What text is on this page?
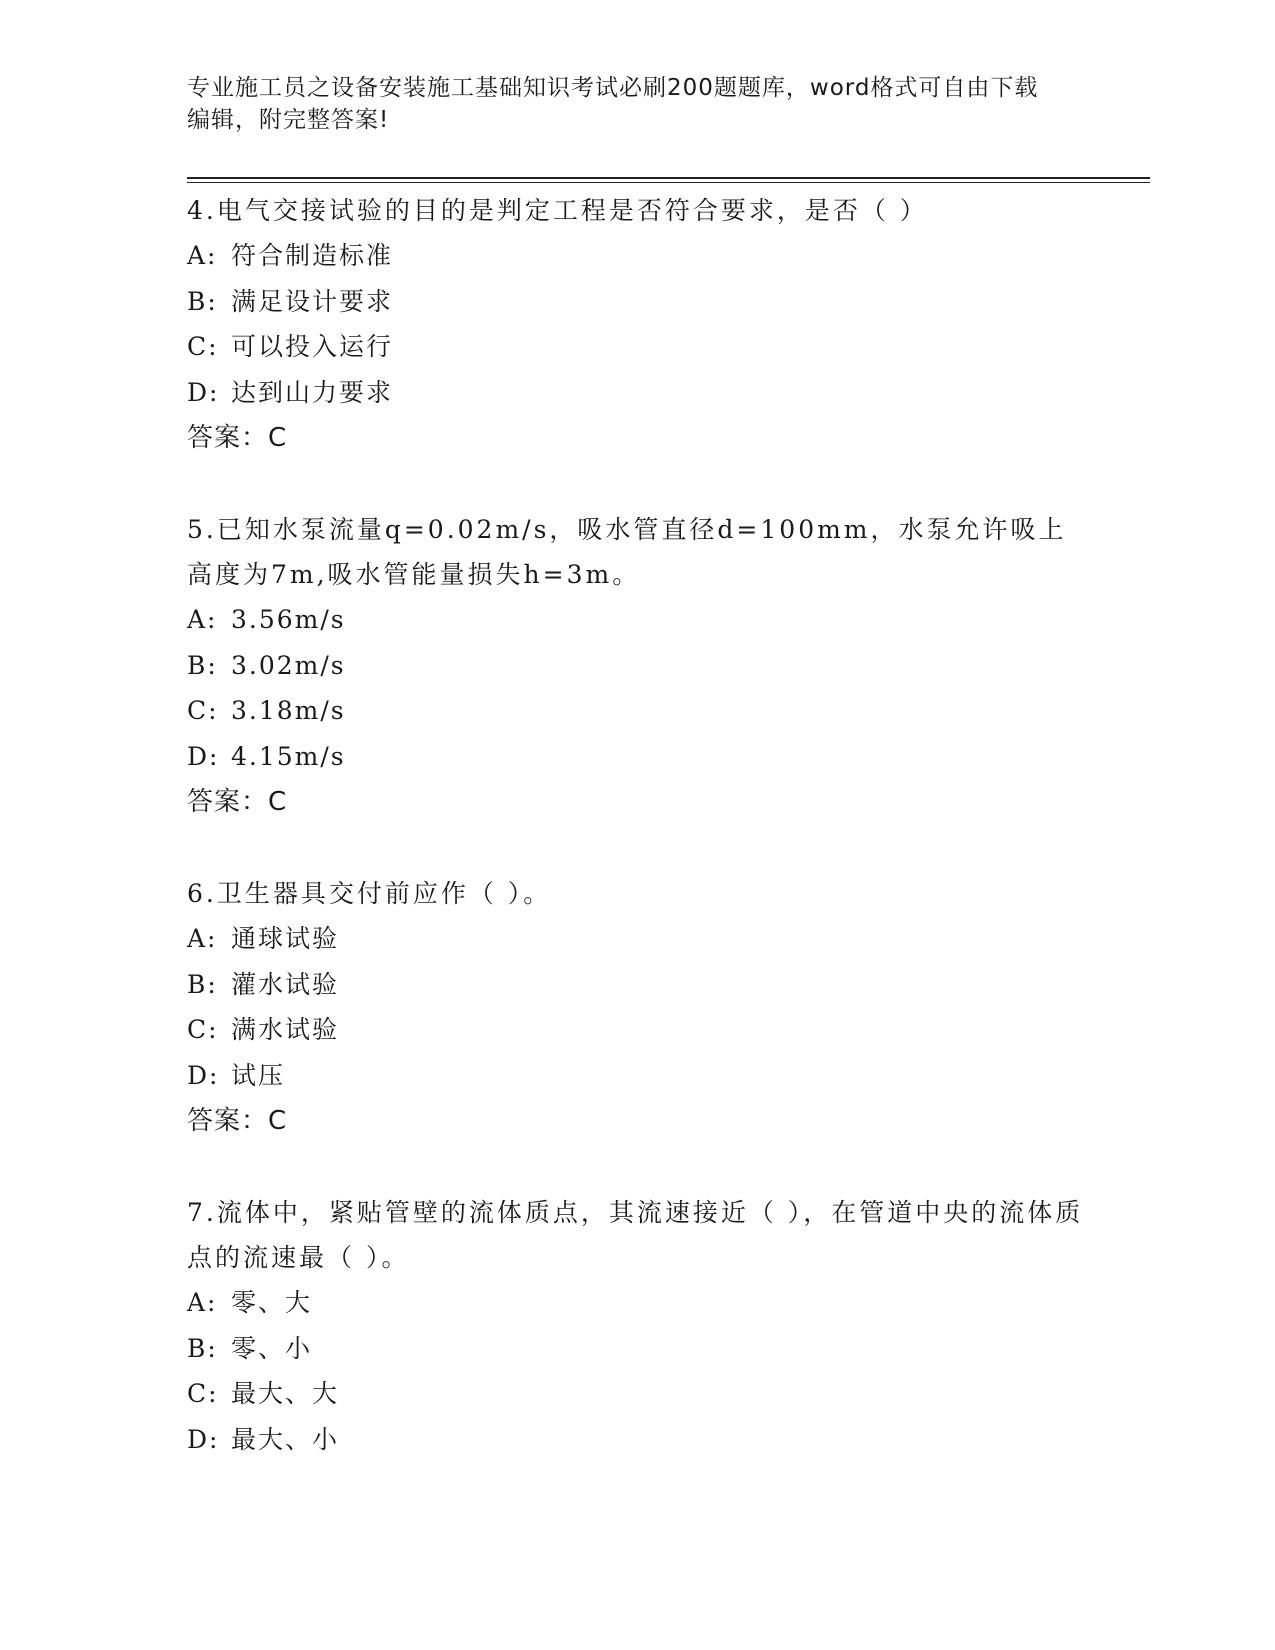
专业施工员之设备安装施工基础知识考试必刷200题题库，word格式可自由下载
编辑，附完整答案!

4.电气交接试验的目的是判定工程是否符合要求，是否（ ）

A: 符合制造标准

B: 满足设计要求

C: 可以投入运行

D: 达到山力要求

答案：C

5.已知水泵流量q=0.02m/s，吸水管直径d=100mm，水泵允许吸上高度为7m,吸水管能量损失h=3m。

A: 3.56m/s

B: 3.02m/s

C: 3.18m/s

D: 4.15m/s

答案：C

6.卫生器具交付前应作（ ）。

A: 通球试验

B: 灌水试验

C: 满水试验

D: 试压

答案：C

7.流体中，紧贴管壁的流体质点，其流速接近（ ），在管道中央的流体质点的流速最（ ）。

A: 零、大

B: 零、小

C: 最大、大

D: 最大、小
